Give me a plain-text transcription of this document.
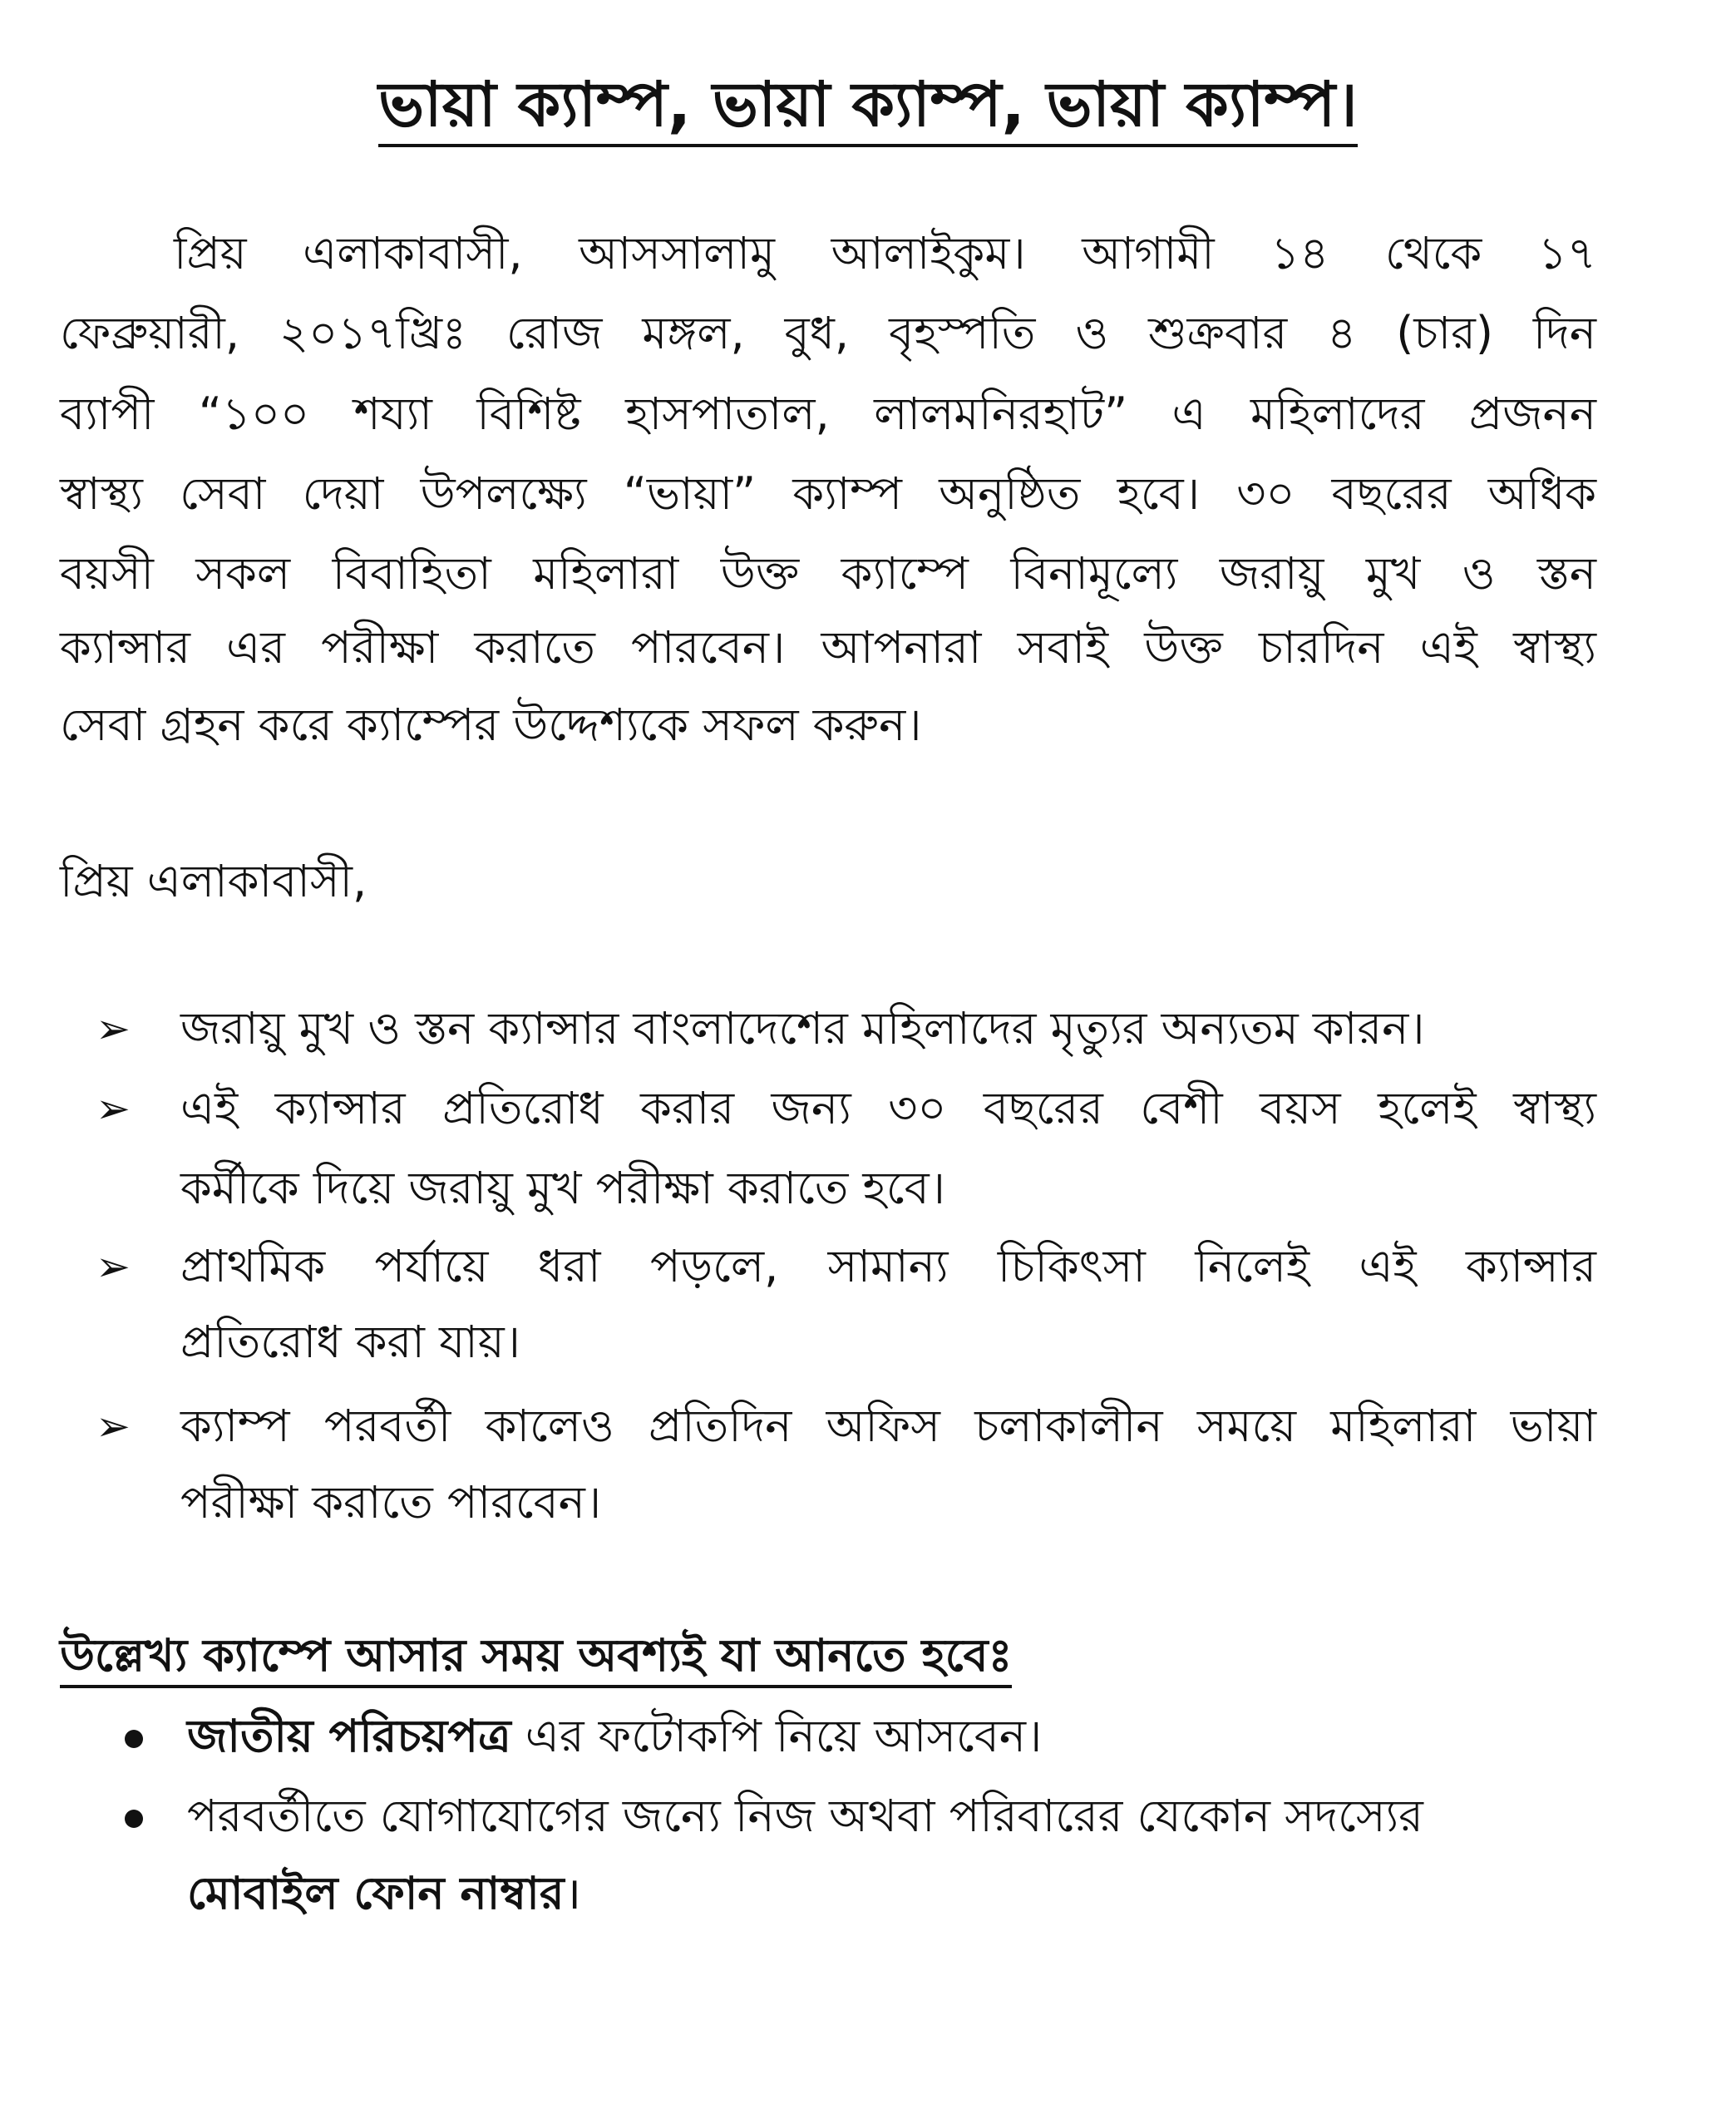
ভায়া ক্যাম্প, ভায়া ক্যাম্প, ভায়া ক্যাম্প।
প্রিয় এলাকাবাসী, আসসালামু আলাইকুম। আগামী ১৪ থেকে ১৭
ফেব্রুয়ারী, ২০১৭খ্রিঃ রোজ মঙ্গল, বুধ, বৃহস্পতি ও শুক্রবার ৪ (চার) দিন
ব্যাপী “১০০ শয্যা বিশিষ্ট হাসপাতাল, লালমনিরহাট” এ মহিলাদের প্রজনন
স্বাস্থ্য সেবা দেয়া উপলক্ষ্যে “ভায়া” ক্যাম্প অনুষ্ঠিত হবে। ৩০ বছরের অধিক
বয়সী সকল বিবাহিতা মহিলারা উক্ত ক্যাম্পে বিনামূল্যে জরায়ু মুখ ও স্তন
ক্যান্সার এর পরীক্ষা করাতে পারবেন। আপনারা সবাই উক্ত চারদিন এই স্বাস্থ্য
সেবা গ্রহন করে ক্যাম্পের উদ্দেশ্যকে সফল করুন।
প্রিয় এলাকাবাসী,
➢ জরায়ু মুখ ও স্তন ক্যান্সার বাংলাদেশের মহিলাদের মৃত্যুর অন্যতম কারন।
➢ এই ক্যান্সার প্রতিরোধ করার জন্য ৩০ বছরের বেশী বয়স হলেই স্বাস্থ্য
কর্মীকে দিয়ে জরায়ু মুখ পরীক্ষা করাতে হবে।
➢ প্রাথমিক পর্যায়ে ধরা পড়লে, সামান্য চিকিৎসা নিলেই এই ক্যান্সার
প্রতিরোধ করা যায়।
➢ ক্যাম্প পরবর্তী কালেও প্রতিদিন অফিস চলাকালীন সময়ে মহিলারা ভায়া
পরীক্ষা করাতে পারবেন।
উল্লেখ্য ক্যাম্পে আসার সময় অবশ্যই যা আনতে হবেঃ
জাতীয় পরিচয়পত্র এর ফটোকপি নিয়ে আসবেন।
পরবর্তীতে যোগাযোগের জন্যে নিজ অথবা পরিবারের যেকোন সদস্যের
মোবাইল ফোন নাম্বার।
